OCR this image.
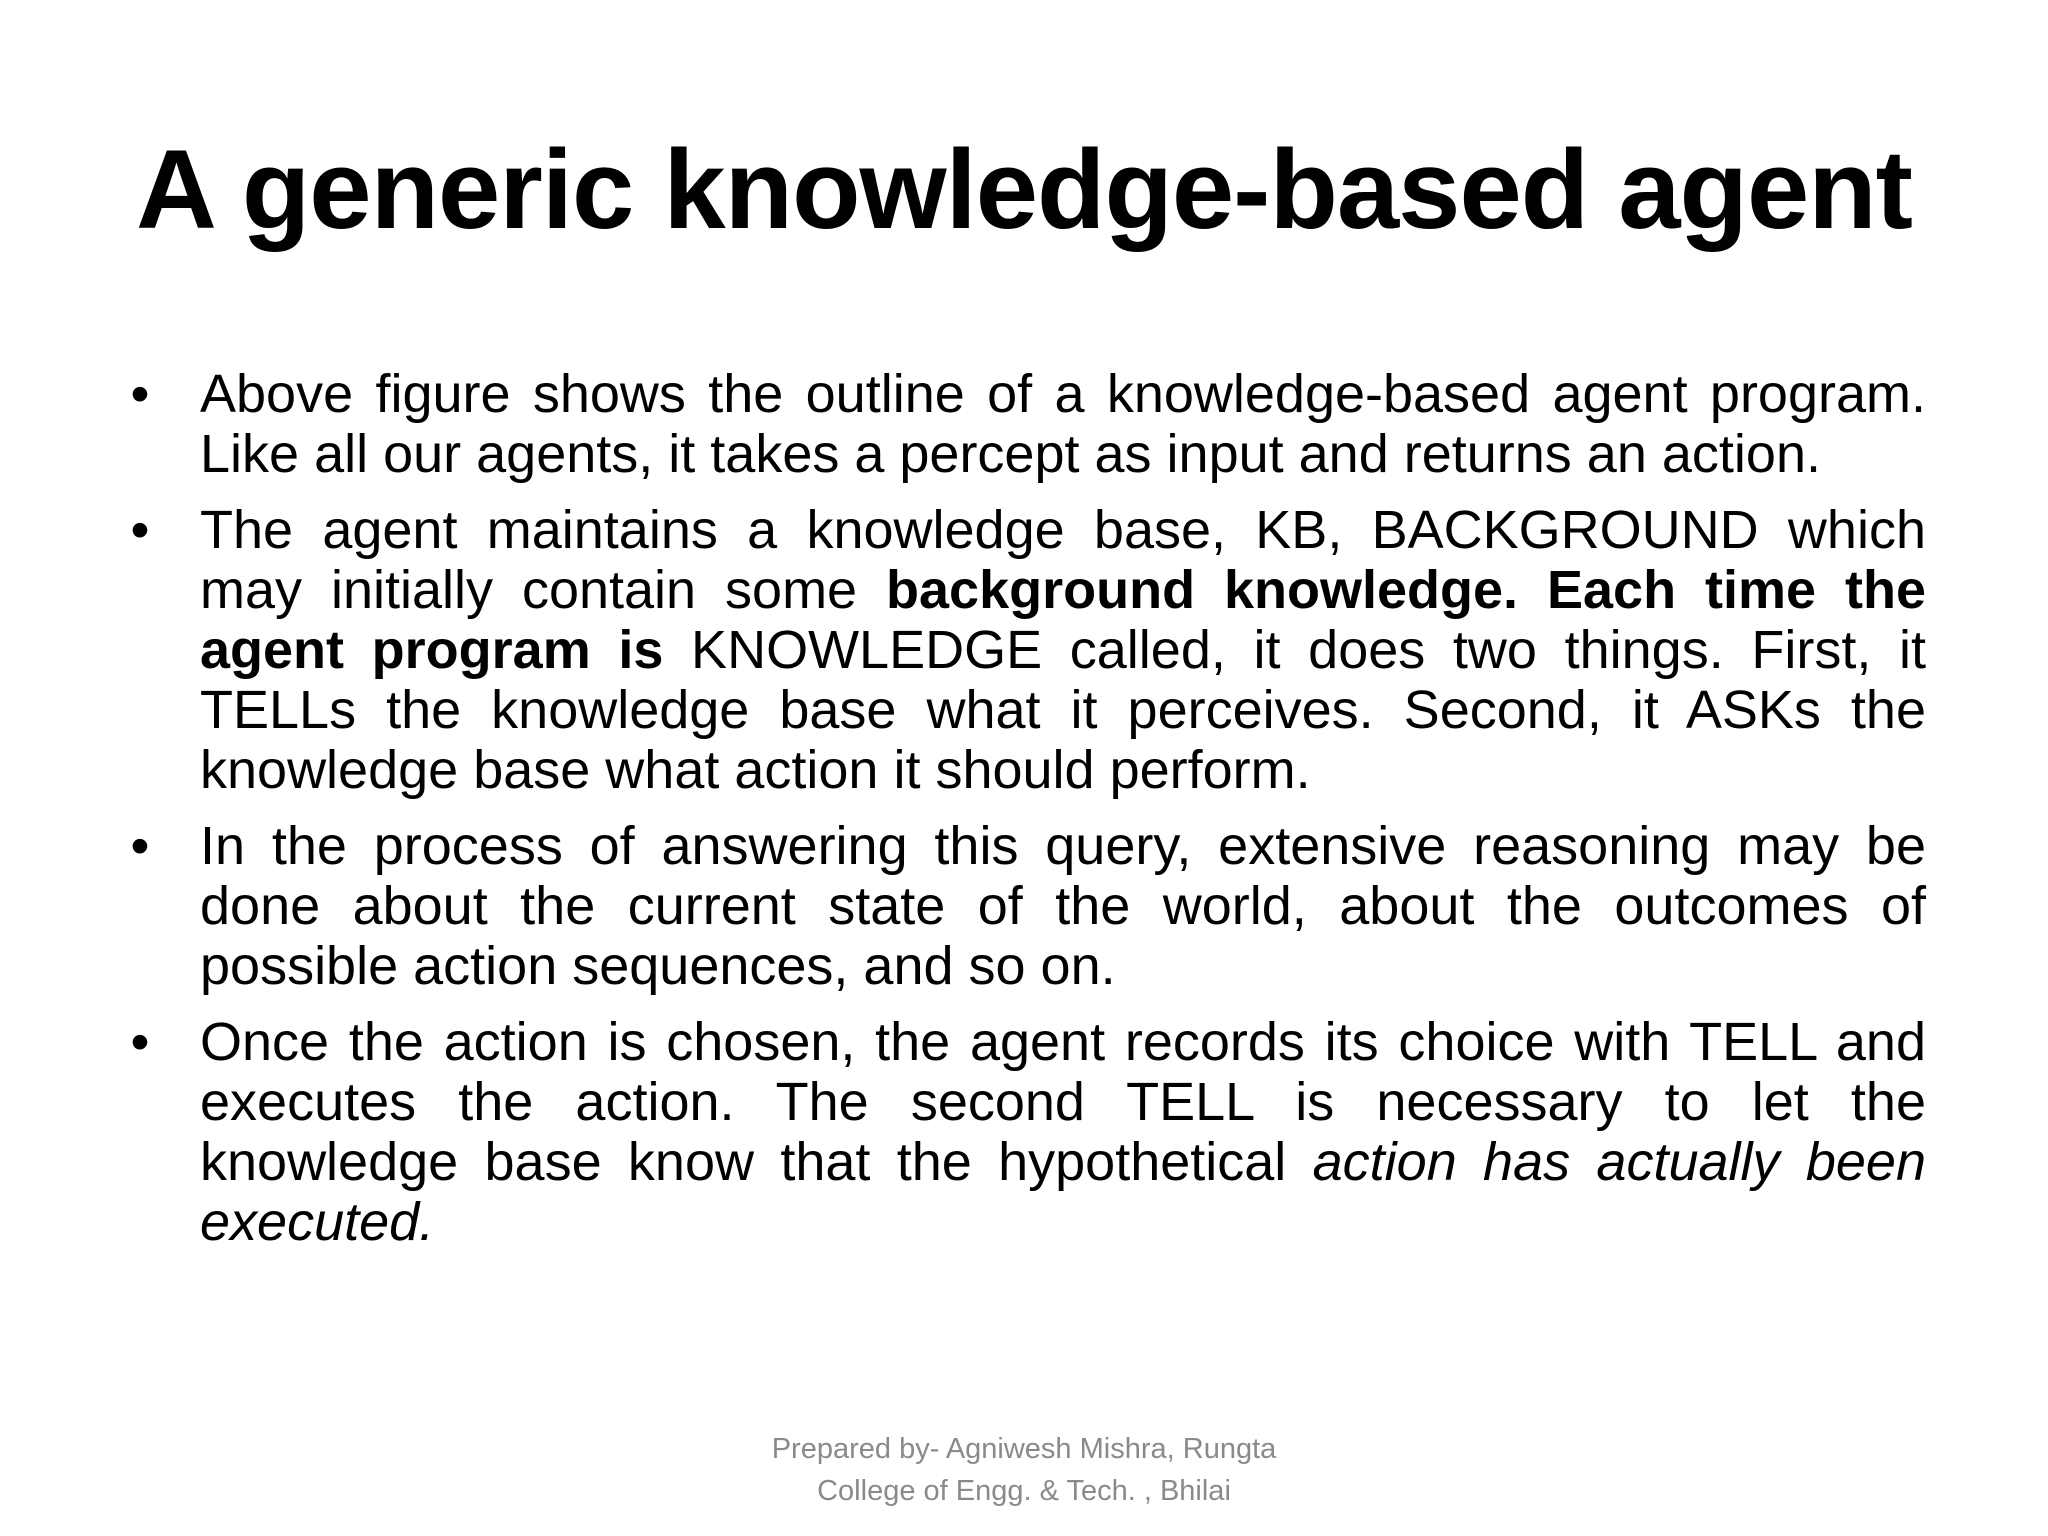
A generic knowledge-based agent
• Above figure shows the outline of a knowledge-based agent program. Like all our agents, it takes a percept as input and returns an action.
• The agent maintains a knowledge base, KB, BACKGROUND which may initially contain some background knowledge. Each time the agent program is KNOWLEDGE called, it does two things. First, it TELLs the knowledge base what it perceives. Second, it ASKs the knowledge base what action it should perform.
• In the process of answering this query, extensive reasoning may be done about the current state of the world, about the outcomes of possible action sequences, and so on.
• Once the action is chosen, the agent records its choice with TELL and executes the action. The second TELL is necessary to let the knowledge base know that the hypothetical action has actually been executed.
Prepared by- Agniwesh Mishra, Rungta
College of Engg. & Tech. , Bhilai
